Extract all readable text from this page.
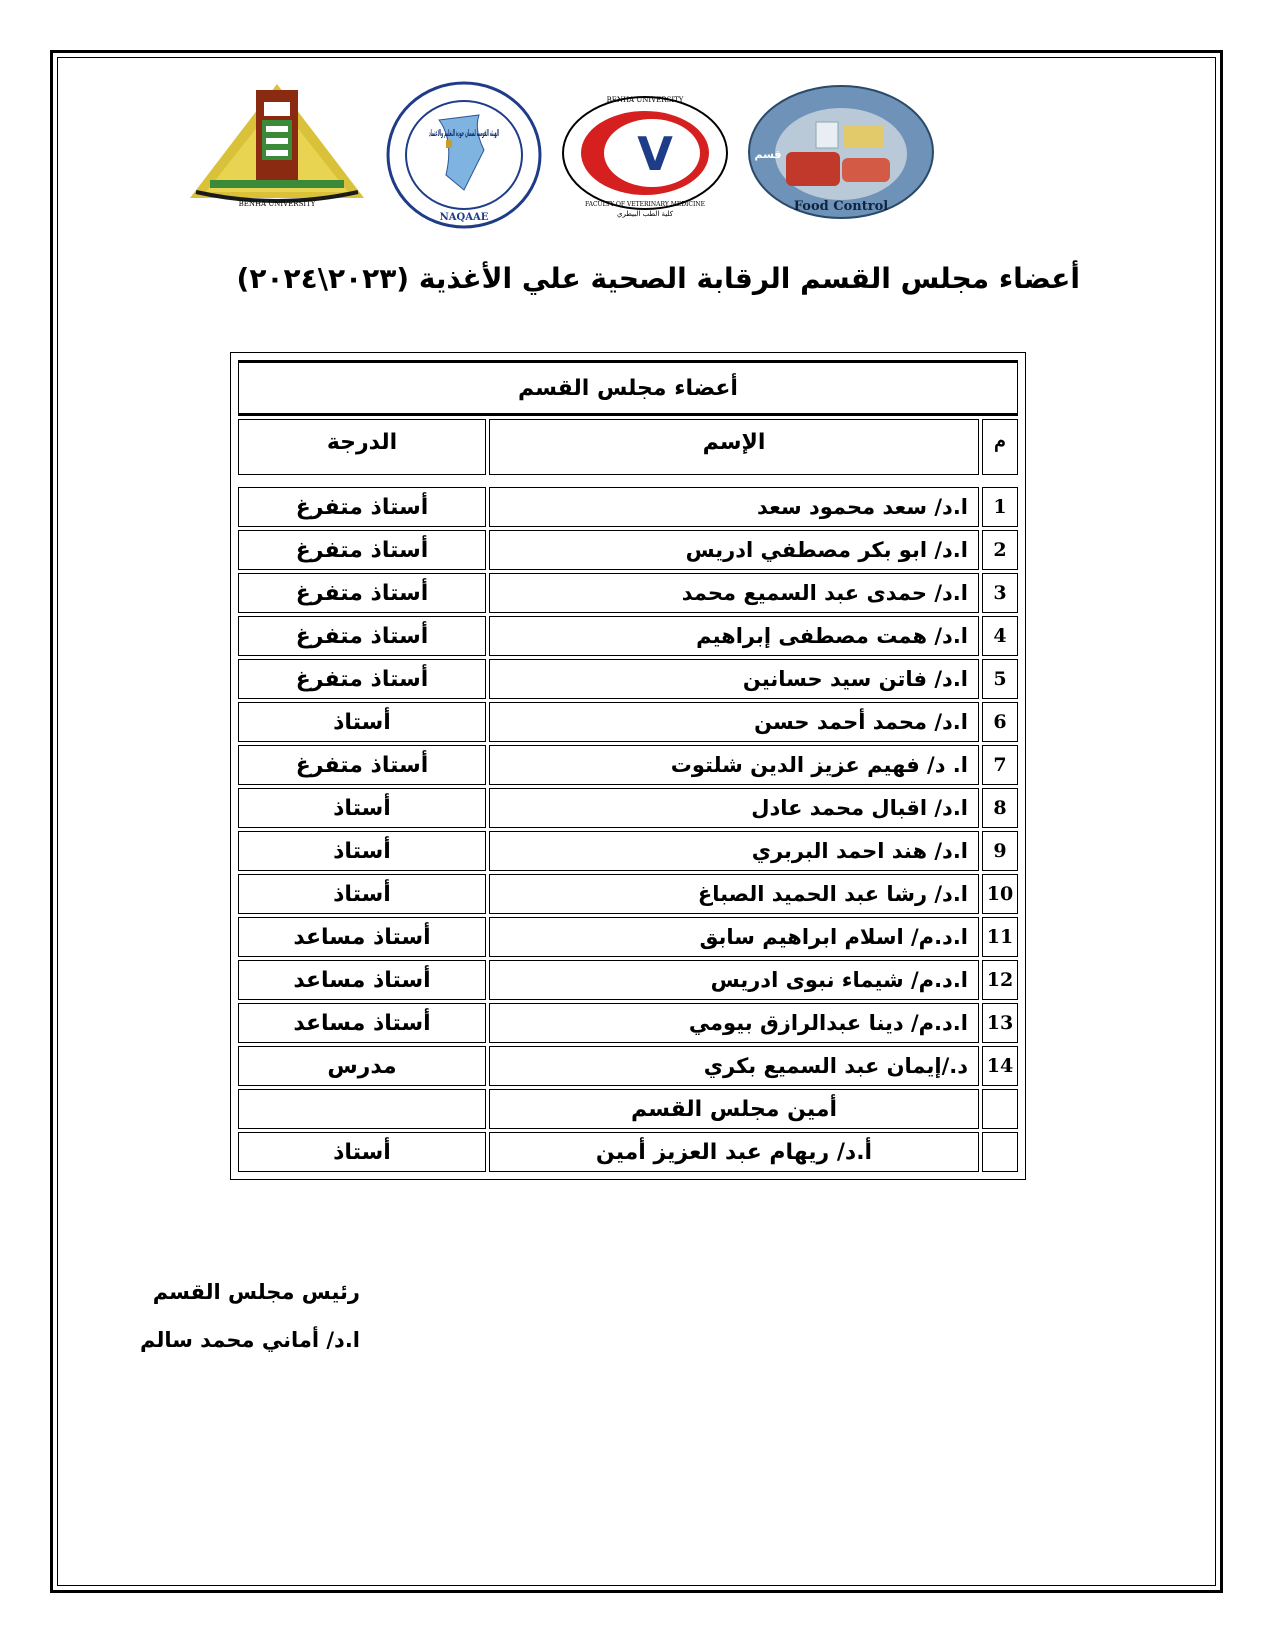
BENHA UNIVERSITY
الهيئة القومية لضمان جودة التعليم والاعتماد
NAQAAE
V
BENHA UNIVERSITY
FACULTY OF VETERINARY MEDICINE
كلية الطب البيطري	Food Control
قسم
أعضاء مجلس القسم الرقابة الصحية علي الأغذية (٢٠٢٣\٢٠٢٤)
أعضاء مجلس القسم		
م	الإسم	الدرجة

1	ا.د/ سعد محمود سعد	أستاذ متفرغ
2	ا.د/ ابو بكر مصطفي ادريس	أستاذ متفرغ
3	ا.د/ حمدى عبد السميع محمد	أستاذ متفرغ
4	ا.د/ همت مصطفى إبراهيم	أستاذ متفرغ
5	ا.د/ فاتن سيد حسانين	أستاذ متفرغ
6	ا.د/ محمد أحمد حسن	أستاذ
7	ا. د/ فهيم عزيز الدين شلتوت	أستاذ متفرغ
8	ا.د/ اقبال محمد عادل	أستاذ
9	ا.د/ هند احمد البربري	أستاذ
10	ا.د/ رشا عبد الحميد الصباغ	أستاذ
11	ا.د.م/ اسلام ابراهيم سابق	أستاذ مساعد
12	ا.د.م/ شيماء نبوى ادريس	أستاذ مساعد
13	ا.د.م/ دينا عبدالرازق بيومي	أستاذ مساعد
14	د./إيمان عبد السميع بكري	مدرس
	أمين مجلس القسم	
	أ.د/ ريهام عبد العزيز أمين	أستاذ
رئيس مجلس القسم
ا.د/ أماني محمد سالم
